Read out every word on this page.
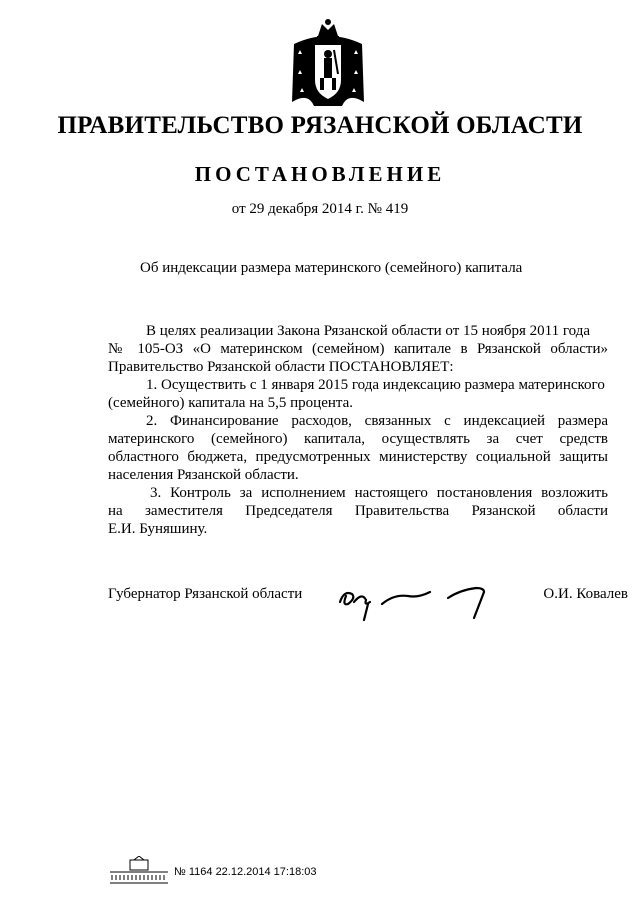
ПРАВИТЕЛЬСТВО РЯЗАНСКОЙ ОБЛАСТИ
ПОСТАНОВЛЕНИЕ
от 29 декабря 2014 г. № 419
Об индексации размера материнского (семейного) капитала
В целях реализации Закона Рязанской области от 15 ноября 2011 года
№ 105-ОЗ «О материнском (семейном) капитале в Рязанской области»
Правительство Рязанской области ПОСТАНОВЛЯЕТ:
1. Осуществить с 1 января 2015 года индексацию размера материнского
(семейного) капитала на 5,5 процента.
2. Финансирование расходов, связанных с индексацией размера
материнского (семейного) капитала, осуществлять за счет средств
областного бюджета, предусмотренных министерству социальной защиты
населения Рязанской области.
3. Контроль за исполнением настоящего постановления возложить
на заместителя Председателя Правительства Рязанской области
Е.И. Буняшину.
Губернатор Рязанской области	О.И. Ковалев
№ 1164 22.12.2014 17:18:03
